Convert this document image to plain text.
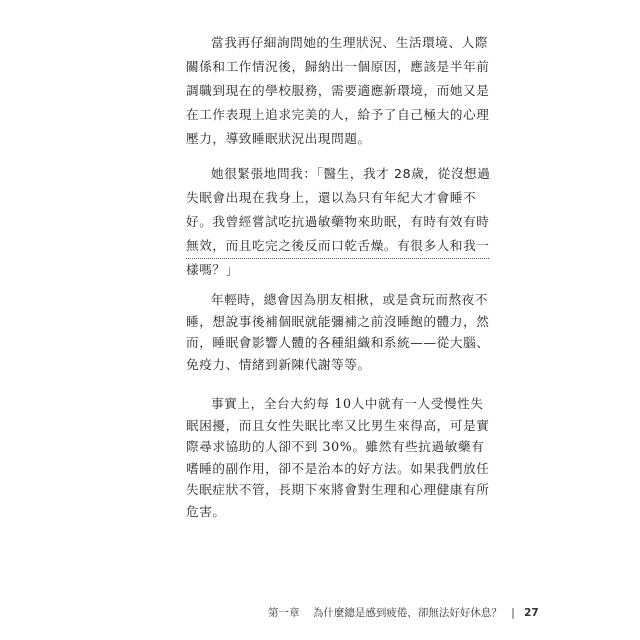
當我再仔細詢問她的生理狀況、生活環境、人際關係和工作情況後，歸納出一個原因，應該是半年前調職到現在的學校服務，需要適應新環境，而她又是在工作表現上追求完美的人，給予了自己極大的心理壓力，導致睡眠狀況出現問題。

她很緊張地問我：「醫生，我才 28歲，從沒想過失眠會出現在我身上，還以為只有年紀大才會睡不好。我曾經嘗試吃抗過敏藥物來助眠，有時有效有時無效，而且吃完之後反而口乾舌燥。有很多人和我一樣嗎？」

年輕時，總會因為朋友相揪，或是貪玩而熬夜不睡，想說事後補個眠就能彌補之前沒睡飽的體力，然而，睡眠會影響人體的各種組織和系統——從大腦、免疫力、情緒到新陳代謝等等。

事實上，全台大約每 10人中就有一人受慢性失眠困擾，而且女性失眠比率又比男生來得高，可是實際尋求協助的人卻不到 30%。雖然有些抗過敏藥有嗜睡的副作用，卻不是治本的好方法。如果我們放任失眠症狀不管，長期下來將會對生理和心理健康有所危害。

第一章 為什麼總是感到疲倦，卻無法好好休息？ | 27
